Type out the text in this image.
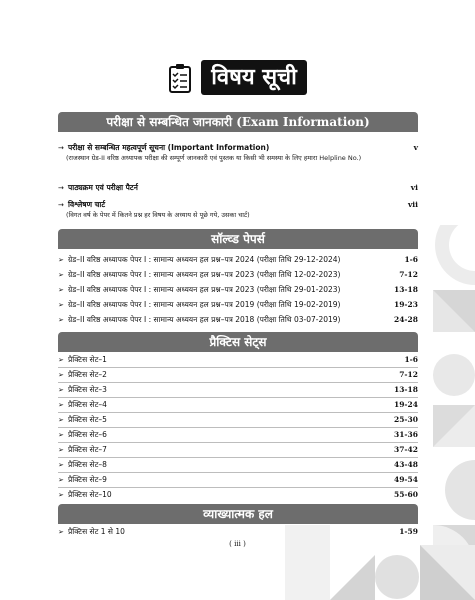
विषय सूची
परीक्षा से सम्बन्धित जानकारी (Exam Information)
→ परीक्षा से सम्बन्धित महत्वपूर्ण सूचना (Important Information)	v
(राजस्थान ग्रेड-II वरिष्ठ अध्यापक परीक्षा की सम्पूर्ण जानकारी एवं पुस्तक या किसी भी समस्या के लिए हमारा Helpline No.)
→ पाठ्यक्रम एवं परीक्षा पैटर्न	vi
→ विश्लेषण चार्ट	vii
(विगत वर्ष के पेपर में कितने प्रश्न हर विषय के अध्याय से पूछे गये, उसका चार्ट)
सॉल्व्ड पेपर्स
➢ ग्रेड–II वरिष्ठ अध्यापक पेपर I : सामान्य अध्ययन हल प्रश्न–पत्र 2024 (परीक्षा तिथि 29-12-2024)	1-6
➢ ग्रेड–II वरिष्ठ अध्यापक पेपर I : सामान्य अध्ययन हल प्रश्न–पत्र 2023 (परीक्षा तिथि 12-02-2023)	7-12
➢ ग्रेड–II वरिष्ठ अध्यापक पेपर I : सामान्य अध्ययन हल प्रश्न–पत्र 2023 (परीक्षा तिथि 29-01-2023)	13-18
➢ ग्रेड–II वरिष्ठ अध्यापक पेपर I : सामान्य अध्ययन हल प्रश्न–पत्र 2019 (परीक्षा तिथि 19-02-2019)	19-23
➢ ग्रेड–II वरिष्ठ अध्यापक पेपर I : सामान्य अध्ययन हल प्रश्न–पत्र 2018 (परीक्षा तिथि 03-07-2019)	24-28
प्रैक्टिस सेट्स
➢ प्रैक्टिस सेट–1	1-6
➢ प्रैक्टिस सेट–2	7-12
➢ प्रैक्टिस सेट–3	13-18
➢ प्रैक्टिस सेट–4	19-24
➢ प्रैक्टिस सेट–5	25-30
➢ प्रैक्टिस सेट–6	31-36
➢ प्रैक्टिस सेट–7	37-42
➢ प्रैक्टिस सेट–8	43-48
➢ प्रैक्टिस सेट–9	49-54
➢ प्रैक्टिस सेट–10	55-60
व्याख्यात्मक हल
➢ प्रैक्टिस सेट 1 से 10	1-59
( iii )
